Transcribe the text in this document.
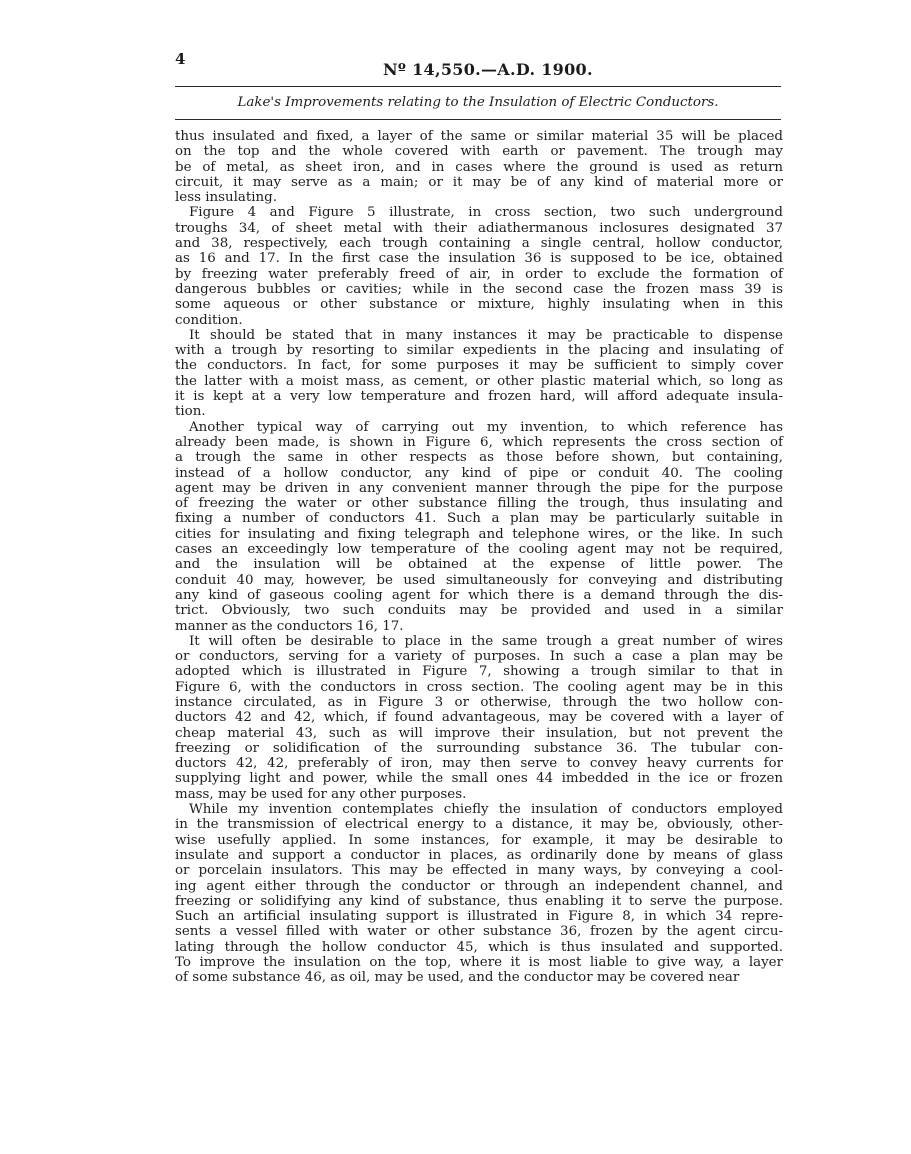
4
Nº 14,550.—A.D. 1900.
Lake's Improvements relating to the Insulation of Electric Conductors.
thus insulated and fixed, a layer of the same or similar material 35 will be placed
on the top and the whole covered with earth or pavement. The trough may
be of metal, as sheet iron, and in cases where the ground is used as return
circuit, it may serve as a main; or it may be of any kind of material more or
less insulating.
Figure 4 and Figure 5 illustrate, in cross section, two such underground
troughs 34, of sheet metal with their adiathermanous inclosures designated 37
and 38, respectively, each trough containing a single central, hollow conductor,
as 16 and 17. In the first case the insulation 36 is supposed to be ice, obtained
by freezing water preferably freed of air, in order to exclude the formation of
dangerous bubbles or cavities; while in the second case the frozen mass 39 is
some aqueous or other substance or mixture, highly insulating when in this
condition.
It should be stated that in many instances it may be practicable to dispense
with a trough by resorting to similar expedients in the placing and insulating of
the conductors. In fact, for some purposes it may be sufficient to simply cover
the latter with a moist mass, as cement, or other plastic material which, so long as
it is kept at a very low temperature and frozen hard, will afford adequate insula-
tion.
Another typical way of carrying out my invention, to which reference has
already been made, is shown in Figure 6, which represents the cross section of
a trough the same in other respects as those before shown, but containing,
instead of a hollow conductor, any kind of pipe or conduit 40. The cooling
agent may be driven in any convenient manner through the pipe for the purpose
of freezing the water or other substance filling the trough, thus insulating and
fixing a number of conductors 41. Such a plan may be particularly suitable in
cities for insulating and fixing telegraph and telephone wires, or the like. In such
cases an exceedingly low temperature of the cooling agent may not be required,
and the insulation will be obtained at the expense of little power. The
conduit 40 may, however, be used simultaneously for conveying and distributing
any kind of gaseous cooling agent for which there is a demand through the dis-
trict. Obviously, two such conduits may be provided and used in a similar
manner as the conductors 16, 17.
It will often be desirable to place in the same trough a great number of wires
or conductors, serving for a variety of purposes. In such a case a plan may be
adopted which is illustrated in Figure 7, showing a trough similar to that in
Figure 6, with the conductors in cross section. The cooling agent may be in this
instance circulated, as in Figure 3 or otherwise, through the two hollow con-
ductors 42 and 42, which, if found advantageous, may be covered with a layer of
cheap material 43, such as will improve their insulation, but not prevent the
freezing or solidification of the surrounding substance 36. The tubular con-
ductors 42, 42, preferably of iron, may then serve to convey heavy currents for
supplying light and power, while the small ones 44 imbedded in the ice or frozen
mass, may be used for any other purposes.
While my invention contemplates chiefly the insulation of conductors employed
in the transmission of electrical energy to a distance, it may be, obviously, other-
wise usefully applied. In some instances, for example, it may be desirable to
insulate and support a conductor in places, as ordinarily done by means of glass
or porcelain insulators. This may be effected in many ways, by conveying a cool-
ing agent either through the conductor or through an independent channel, and
freezing or solidifying any kind of substance, thus enabling it to serve the purpose.
Such an artificial insulating support is illustrated in Figure 8, in which 34 repre-
sents a vessel filled with water or other substance 36, frozen by the agent circu-
lating through the hollow conductor 45, which is thus insulated and supported.
To improve the insulation on the top, where it is most liable to give way, a layer
of some substance 46, as oil, may be used, and the conductor may be covered near
